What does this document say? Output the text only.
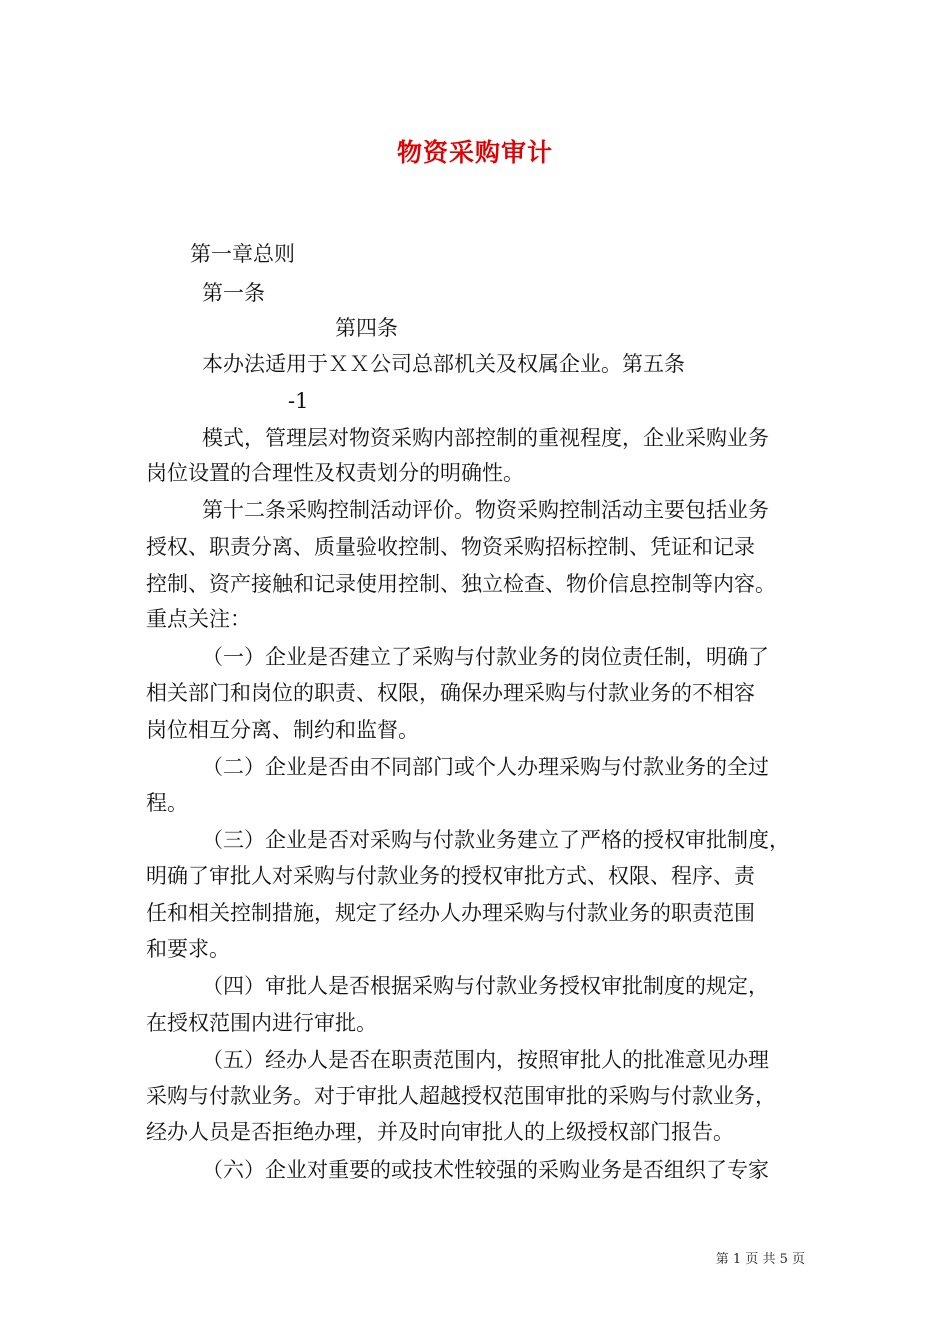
物资采购审计
第一章总则
第一条
第四条
本办法适用于ＸＸ公司总部机关及权属企业。第五条
-1
模式，管理层对物资采购内部控制的重视程度，企业采购业务
岗位设置的合理性及权责划分的明确性。
第十二条采购控制活动评价。物资采购控制活动主要包括业务
授权、职责分离、质量验收控制、物资采购招标控制、凭证和记录
控制、资产接触和记录使用控制、独立检查、物价信息控制等内容。
重点关注：
（一）企业是否建立了采购与付款业务的岗位责任制，明确了
相关部门和岗位的职责、权限，确保办理采购与付款业务的不相容
岗位相互分离、制约和监督。
（二）企业是否由不同部门或个人办理采购与付款业务的全过
程。
（三）企业是否对采购与付款业务建立了严格的授权审批制度，
明确了审批人对采购与付款业务的授权审批方式、权限、程序、责
任和相关控制措施，规定了经办人办理采购与付款业务的职责范围
和要求。
（四）审批人是否根据采购与付款业务授权审批制度的规定，
在授权范围内进行审批。
（五）经办人是否在职责范围内，按照审批人的批准意见办理
采购与付款业务。对于审批人超越授权范围审批的采购与付款业务，
经办人员是否拒绝办理，并及时向审批人的上级授权部门报告。
（六）企业对重要的或技术性较强的采购业务是否组织了专家
第 1 页 共 5 页
